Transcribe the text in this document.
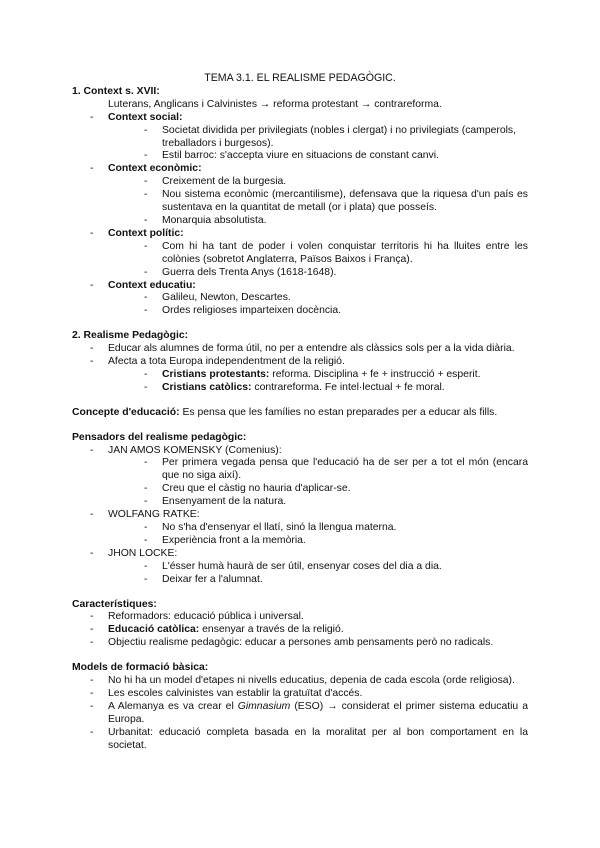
TEMA 3.1. EL REALISME PEDAGÒGIC.
1. Context s. XVII:
Luterans, Anglicans i Calvinistes → reforma protestant → contrareforma.
- Context social:
- Societat dividida per privilegiats (nobles i clergat) i no privilegiats (camperols, treballadors i burgesos).
- Estil barroc: s'accepta viure en situacions de constant canvi.
- Context econòmic:
- Creixement de la burgesia.
- Nou sistema econòmic (mercantilisme), defensava que la riquesa d'un país es sustentava en la quantitat de metall (or i plata) que posseís.
- Monarquia absolutista.
- Context polític:
- Com hi ha tant de poder i volen conquistar territoris hi ha lluites entre les colònies (sobretot Anglaterra, Països Baixos i França).
- Guerra dels Trenta Anys (1618-1648).
- Context educatiu:
- Galileu, Newton, Descartes.
- Ordes religioses imparteixen docència.
2. Realisme Pedagògic:
- Educar als alumnes de forma útil, no per a entendre als clàssics sols per a la vida diària.
- Afecta a tota Europa independentment de la religió.
- Cristians protestants: reforma. Disciplina + fe + instrucció + esperit.
- Cristians catòlics: contrareforma. Fe intel·lectual + fe moral.
Concepte d'educació: Es pensa que les famílies no estan preparades per a educar als fills.
Pensadors del realisme pedagògic:
- JAN AMOS KOMENSKY (Comenius):
- Per primera vegada pensa que l'educació ha de ser per a tot el món (encara que no siga així).
- Creu que el càstig no hauria d'aplicar-se.
- Ensenyament de la natura.
- WOLFANG RATKE:
- No s'ha d'ensenyar el llatí, sinó la llengua materna.
- Experiència front a la memòria.
- JHON LOCKE:
- L'ésser humà haurà de ser útil, ensenyar coses del dia a dia.
- Deixar fer a l'alumnat.
Característiques:
- Reformadors: educació pública i universal.
- Educació catòlica: ensenyar a través de la religió.
- Objectiu realisme pedagògic: educar a persones amb pensaments però no radicals.
Models de formació bàsica:
- No hi ha un model d'etapes ni nivells educatius, depenia de cada escola (orde religiosa).
- Les escoles calvinistes van establir la gratuïtat d'accés.
- A Alemanya es va crear el Gimnasium (ESO) → considerat el primer sistema educatiu a Europa.
- Urbanitat: educació completa basada en la moralitat per al bon comportament en la societat.
